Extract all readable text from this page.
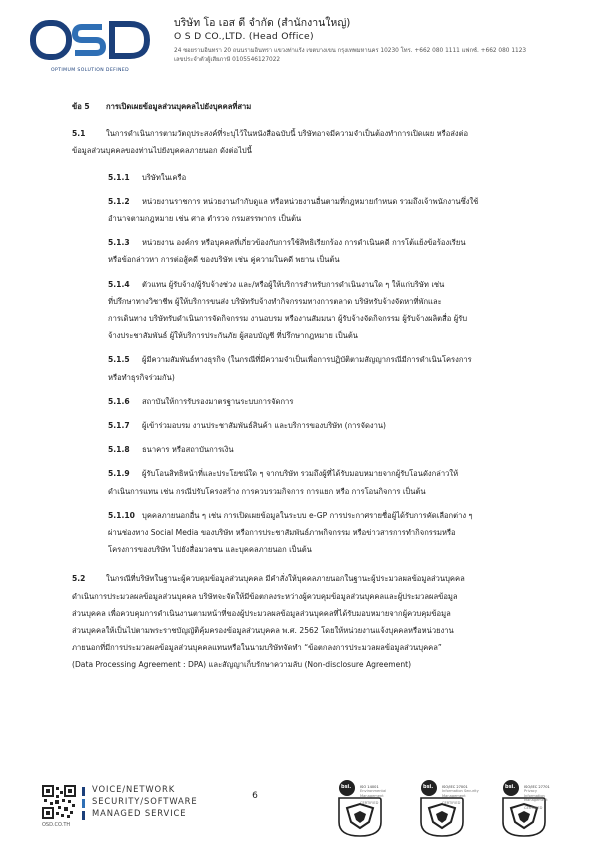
OPTIMUM SOLUTION DEFINED
บริษัท โอ เอส ดี จำกัด (สำนักงานใหญ่)
O S D CO.,LTD. (Head Office)
24 ซอยรามอินทรา 20 ถนนรามอินทรา แขวงท่าแร้ง เขตบางเขน กรุงเทพมหานคร 10230 โทร. +662 080 1111 แฟกซ์. +662 080 1123
เลขประจำตัวผู้เสียภาษี 0105546127022
ข้อ 5 การเปิดเผยข้อมูลส่วนบุคคลไปยังบุคคลที่สาม
5.1	ในการดำเนินการตามวัตถุประสงค์ที่ระบุไว้ในหนังสือฉบับนี้ บริษัทอาจมีความจำเป็นต้องทำการเปิดเผย หรือส่งต่อ
ข้อมูลส่วนบุคคลของท่านไปยังบุคคลภายนอก ดังต่อไปนี้
5.1.1 บริษัทในเครือ
5.1.2 หน่วยงานราชการ หน่วยงานกำกับดูแล หรือหน่วยงานอื่นตามที่กฎหมายกำหนด รวมถึงเจ้าพนักงานซึ่งใช้
อำนาจตามกฎหมาย เช่น ศาล ตำรวจ กรมสรรพากร เป็นต้น
5.1.3 หน่วยงาน องค์กร หรือบุคคลที่เกี่ยวข้องกับการใช้สิทธิเรียกร้อง การดำเนินคดี การโต้แย้งข้อร้องเรียน
หรือข้อกล่าวหา การต่อสู้คดี ของบริษัท เช่น คู่ความในคดี พยาน เป็นต้น
5.1.4 ตัวแทน ผู้รับจ้าง/ผู้รับจ้างช่วง และ/หรือผู้ให้บริการสำหรับการดำเนินงานใด ๆ ให้แก่บริษัท เช่น
ที่ปรึกษาทางวิชาชีพ ผู้ให้บริการขนส่ง บริษัทรับจ้างทำกิจกรรมทางการตลาด บริษัทรับจ้างจัดหาที่พักและ
การเดินทาง บริษัทรับดำเนินการจัดกิจกรรม งานอบรม หรืองานสัมมนา ผู้รับจ้างจัดกิจกรรม ผู้รับจ้างผลิตสื่อ ผู้รับ
จ้างประชาสัมพันธ์ ผู้ให้บริการประกันภัย ผู้สอบบัญชี ที่ปรึกษากฎหมาย เป็นต้น
5.1.5 ผู้มีความสัมพันธ์ทางธุรกิจ (ในกรณีที่มีความจำเป็นเพื่อการปฏิบัติตามสัญญากรณีมีการดำเนินโครงการ
หรือทำธุรกิจร่วมกัน)
5.1.6 สถาบันให้การรับรองมาตรฐานระบบการจัดการ
5.1.7 ผู้เข้าร่วมอบรม งานประชาสัมพันธ์สินค้า และบริการของบริษัท (การจัดงาน)
5.1.8 ธนาคาร หรือสถาบันการเงิน
5.1.9 ผู้รับโอนสิทธิหน้าที่และประโยชน์ใด ๆ จากบริษัท รวมถึงผู้ที่ได้รับมอบหมายจากผู้รับโอนดังกล่าวให้
ดำเนินการแทน เช่น กรณีปรับโครงสร้าง การควบรวมกิจการ การแยก หรือ การโอนกิจการ เป็นต้น
5.1.10 บุคคลภายนอกอื่น ๆ เช่น การเปิดเผยข้อมูลในระบบ e-GP การประกาศรายชื่อผู้ได้รับการคัดเลือกต่าง ๆ
ผ่านช่องทาง Social Media ของบริษัท หรือการประชาสัมพันธ์ภาพกิจกรรม หรือข่าวสารการทำกิจกรรมหรือ
โครงการของบริษัท ไปยังสื่อมวลชน และบุคคลภายนอก เป็นต้น
5.2	ในกรณีที่บริษัทในฐานะผู้ควบคุมข้อมูลส่วนบุคคล มีคำสั่งให้บุคคลภายนอกในฐานะผู้ประมวลผลข้อมูลส่วนบุคคล
ดำเนินการประมวลผลข้อมูลส่วนบุคคล บริษัทจะจัดให้มีข้อตกลงระหว่างผู้ควบคุมข้อมูลส่วนบุคคลและผู้ประมวลผลข้อมูล
ส่วนบุคคล เพื่อควบคุมการดำเนินงานตามหน้าที่ของผู้ประมวลผลข้อมูลส่วนบุคคลที่ได้รับมอบหมายจากผู้ควบคุมข้อมูล
ส่วนบุคคลให้เป็นไปตามพระราชบัญญัติคุ้มครองข้อมูลส่วนบุคคล พ.ศ. 2562 โดยให้หน่วยงานแจ้งบุคคลหรือหน่วยงาน
ภายนอกที่มีการประมวลผลข้อมูลส่วนบุคคลแทนหรือในนามบริษัทจัดทำ “ข้อตกลงการประมวลผลข้อมูลส่วนบุคคล”
(Data Processing Agreement : DPA) และสัญญาเก็บรักษาความลับ (Non-disclosure Agreement)
OSD.CO.TH
VOICE/NETWORK
SECURITY/SOFTWARE
MANAGED SERVICE
6
bsi. ISO 14001
Environmental
Management
CERTIFIED
bsi. ISO/IEC 27001
Information Security
Management
CERTIFIED
bsi. ISO/IEC 27701
Privacy
Information
Management
CERTIFIED
